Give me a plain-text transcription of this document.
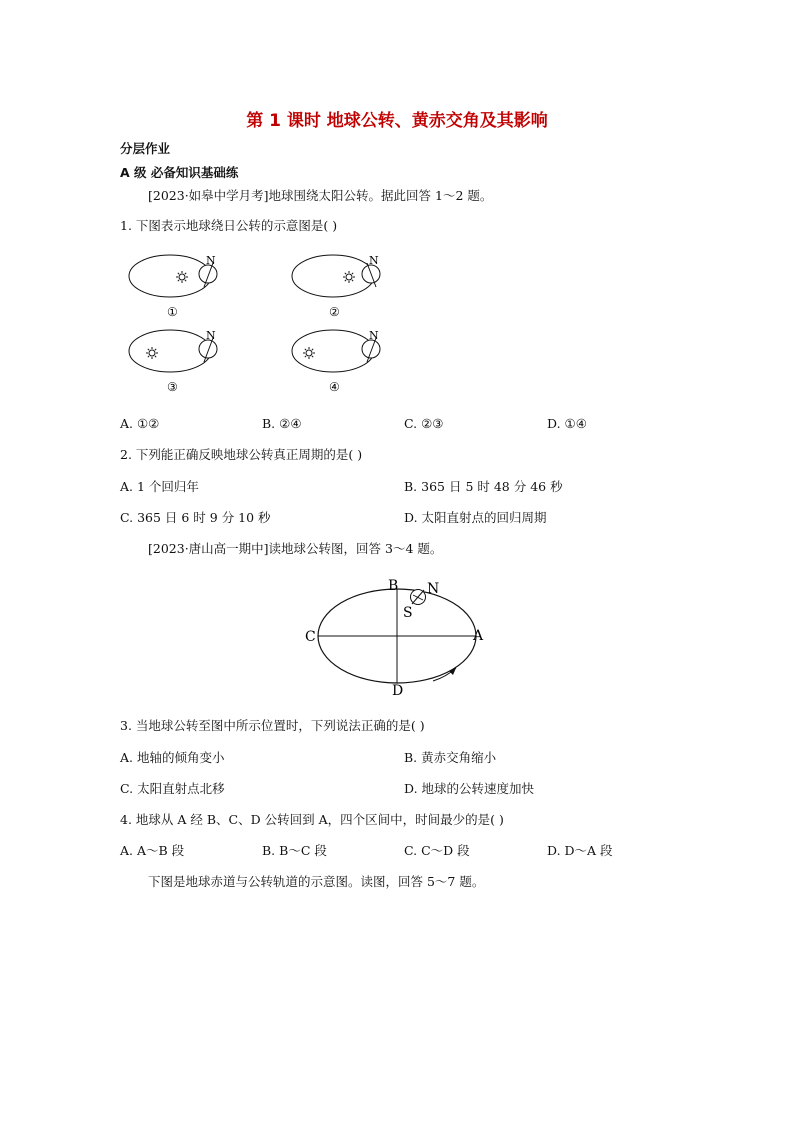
第 1 课时 地球公转、黄赤交角及其影响
分层作业
A 级 必备知识基础练
[2023·如皋中学月考]地球围绕太阳公转。据此回答 1～2 题。
1. 下图表示地球绕日公转的示意图是( )
N
①
N
②
N
③
N
④
A. ①②	B. ②④	C. ②③	D. ①④
2. 下列能正确反映地球公转真正周期的是( )
A. 1 个回归年	B. 365 日 5 时 48 分 46 秒
C. 365 日 6 时 9 分 10 秒	D. 太阳直射点的回归周期
[2023·唐山高一期中]读地球公转图，回答 3～4 题。
B N
S
C	A
D
3. 当地球公转至图中所示位置时，下列说法正确的是( )
A. 地轴的倾角变小	B. 黄赤交角缩小
C. 太阳直射点北移	D. 地球的公转速度加快
4. 地球从 A 经 B、C、D 公转回到 A，四个区间中，时间最少的是( )
A. A～B 段	B. B～C 段	C. C～D 段	D. D～A 段
下图是地球赤道与公转轨道的示意图。读图，回答 5～7 题。
